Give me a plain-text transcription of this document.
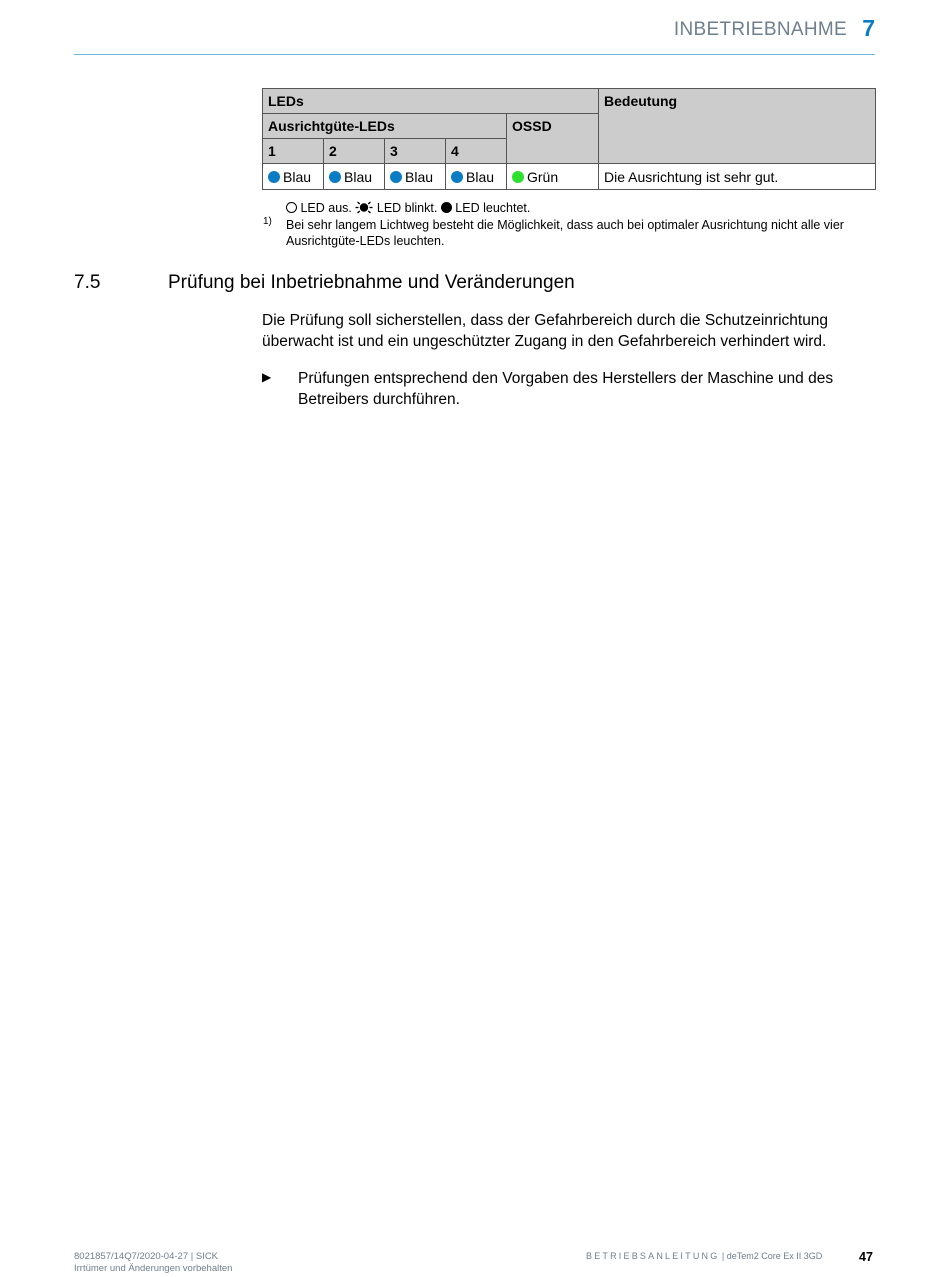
INBETRIEBNAHME 7
LEDs					Bedeutung
Ausrichtgüte-LEDs				OSSD	
1	2	3	4		
Blau	Blau	Blau	Blau	Grün	Die Ausrichtung ist sehr gut.
LED aus. LED blinkt. LED leuchtet.
1) Bei sehr langem Lichtweg besteht die Möglichkeit, dass auch bei optimaler Ausrichtung nicht alle vier Ausrichtgüte-LEDs leuchten.
7.5	Prüfung bei Inbetriebnahme und Veränderungen
Die Prüfung soll sicherstellen, dass der Gefahrbereich durch die Schutzeinrichtung überwacht ist und ein ungeschützter Zugang in den Gefahrbereich verhindert wird.
▶ Prüfungen entsprechend den Vorgaben des Herstellers der Maschine und des Betreibers durchführen.
8021857/14Q7/2020-04-27 | SICK
Irrtümer und Änderungen vorbehalten
BETRIEBSANLEITUNG | deTem2 Core Ex II 3GD	47
